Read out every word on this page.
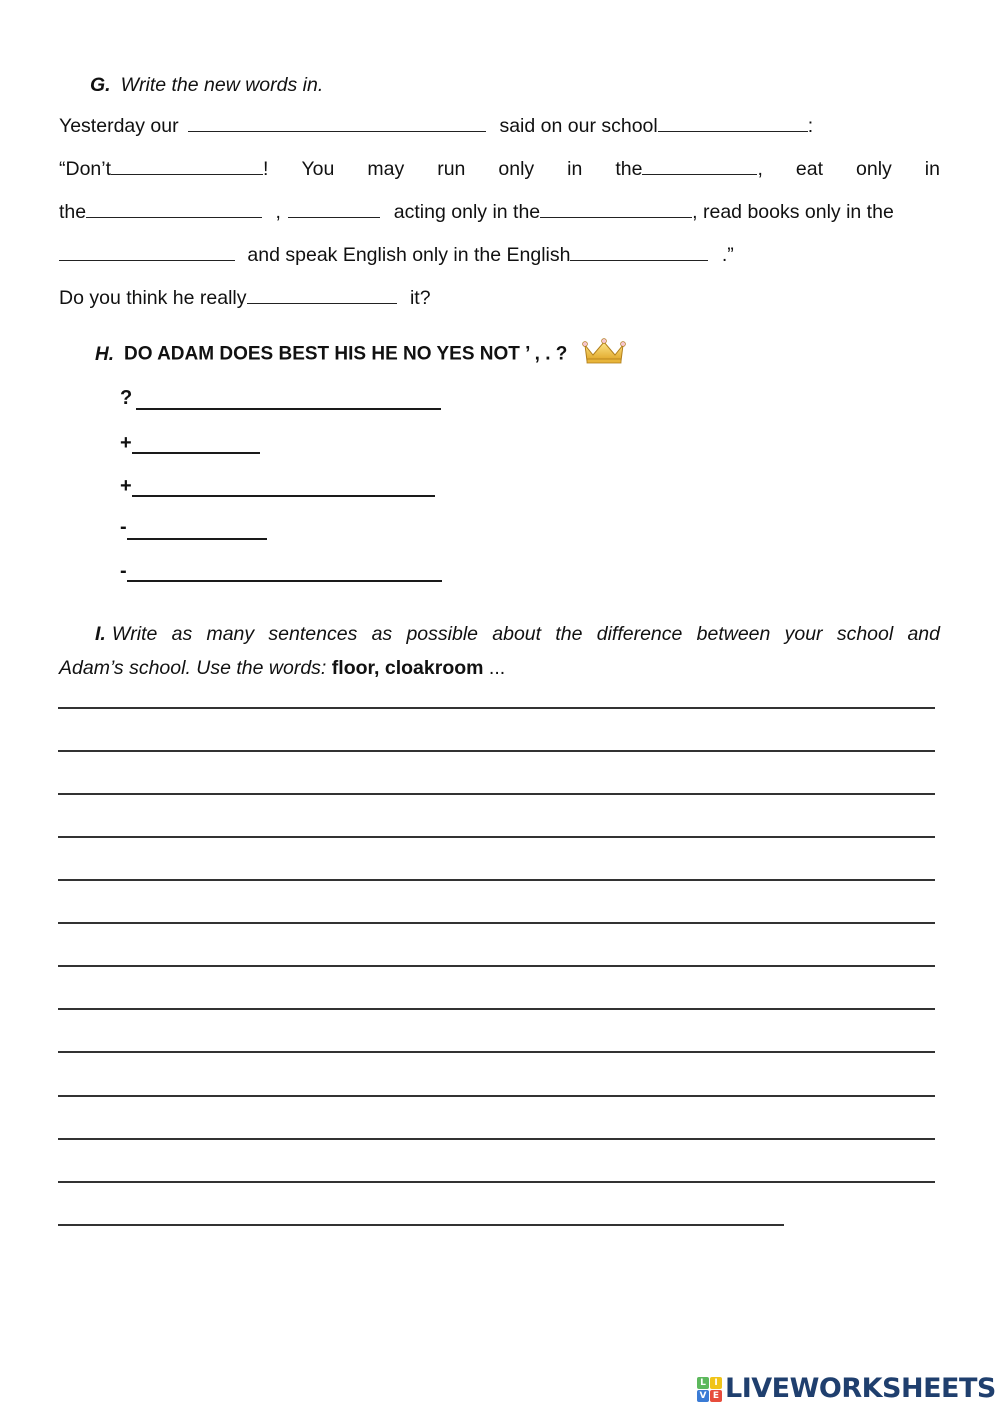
G. Write the new words in.
Yesterday our	said on our school	:
“Don’t	! You may run only in the	, eat only in
the	,	acting only in the	, read books only in the
and speak English only in the English	.”
Do you think he really	it?
H. DO ADAM DOES BEST HIS HE NO YES NOT ’ , . ?
?
+
+
-
-
I. Write as many sentences as possible about the difference between your school and
Adam’s school. Use the words: floor, cloakroom ...
L I
V E LIVEWORKSHEETS
